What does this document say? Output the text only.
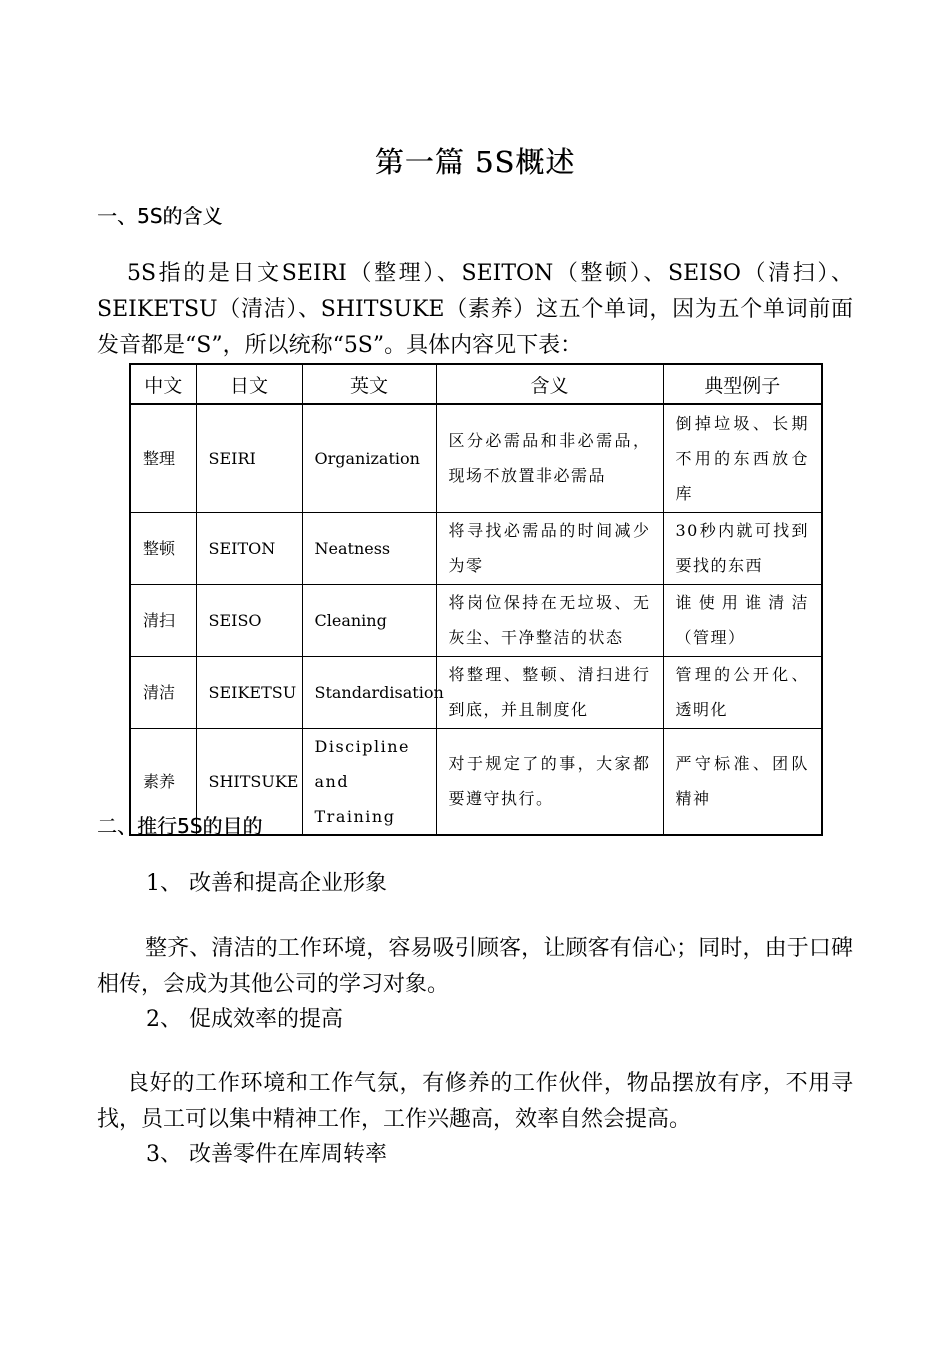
第一篇 5S概述
一、5S的含义
5S指的是日文SEIRI（整理）、SEITON（整顿）、SEISO（清扫）、SEIKETSU（清洁）、SHITSUKE（素养）这五个单词，因为五个单词前面发音都是“S”，所以统称“5S”。具体内容见下表：
中文	日文	英文	含义	典型例子
整理	SEIRI	Organization	区分必需品和非必需品，现场不放置非必需品	倒掉垃圾、长期不用的东西放仓库
整顿	SEITON	Neatness	将寻找必需品的时间减少为零	30秒内就可找到要找的东西
清扫	SEISO	Cleaning	将岗位保持在无垃圾、无灰尘、干净整洁的状态	谁使用谁清洁（管理）
清洁	SEIKETSU	Standardisation	将整理、整顿、清扫进行到底，并且制度化	管理的公开化、透明化
素养	SHITSUKE	Discipline and Training	对于规定了的事，大家都要遵守执行。	严守标准、团队精神
二、推行5S的目的
1、 改善和提高企业形象
整齐、清洁的工作环境，容易吸引顾客，让顾客有信心；同时，由于口碑相传，会成为其他公司的学习对象。
2、 促成效率的提高
良好的工作环境和工作气氛，有修养的工作伙伴，物品摆放有序，不用寻找，员工可以集中精神工作，工作兴趣高，效率自然会提高。
3、 改善零件在库周转率
